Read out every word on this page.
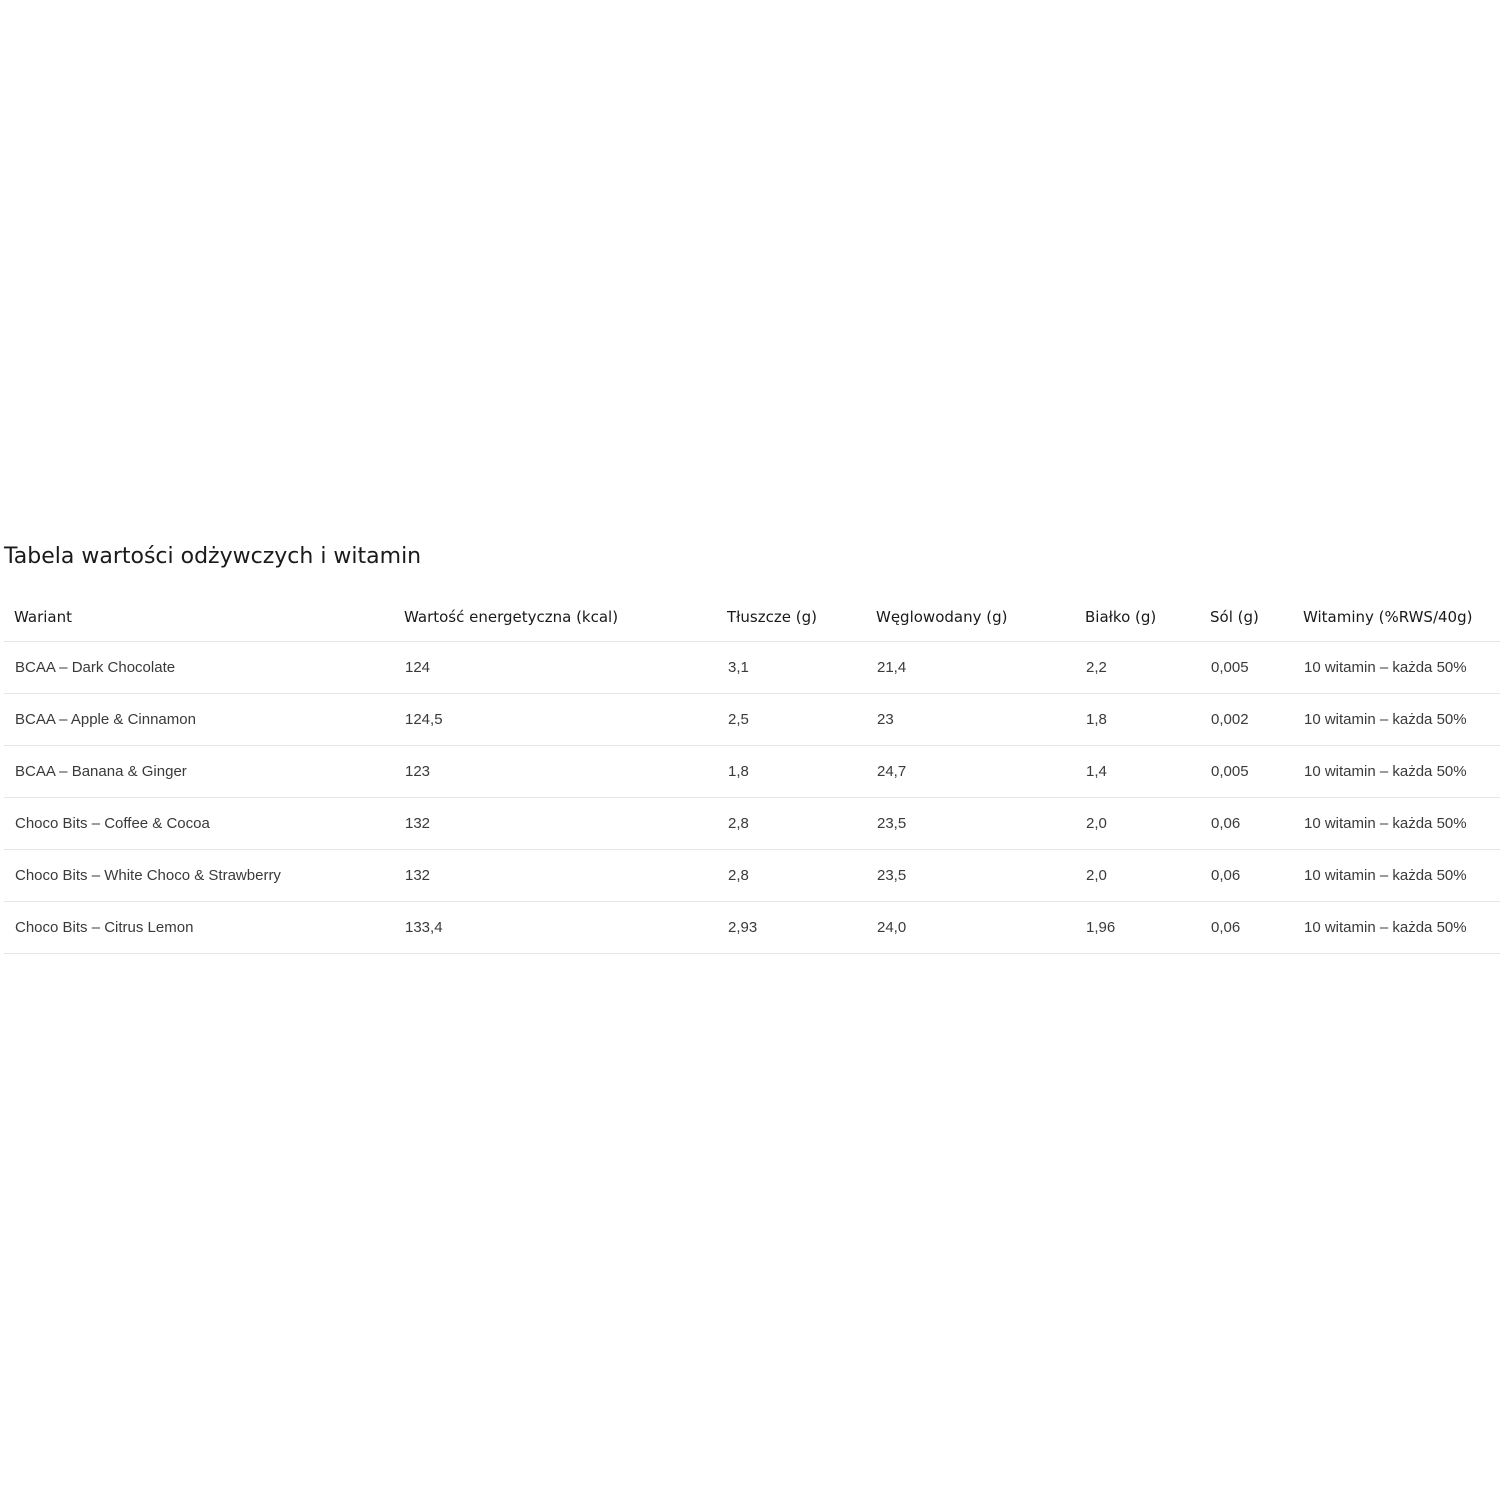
Tabela wartości odżywczych i witamin
Wariant	Wartość energetyczna (kcal)	Tłuszcze (g)	Węglowodany (g)	Białko (g)	Sól (g)	Witaminy (%RWS/40g)
BCAA – Dark Chocolate	124	3,1	21,4	2,2	0,005	10 witamin – każda 50%
BCAA – Apple & Cinnamon	124,5	2,5	23	1,8	0,002	10 witamin – każda 50%
BCAA – Banana & Ginger	123	1,8	24,7	1,4	0,005	10 witamin – każda 50%
Choco Bits – Coffee & Cocoa	132	2,8	23,5	2,0	0,06	10 witamin – każda 50%
Choco Bits – White Choco & Strawberry	132	2,8	23,5	2,0	0,06	10 witamin – każda 50%
Choco Bits – Citrus Lemon	133,4	2,93	24,0	1,96	0,06	10 witamin – każda 50%
